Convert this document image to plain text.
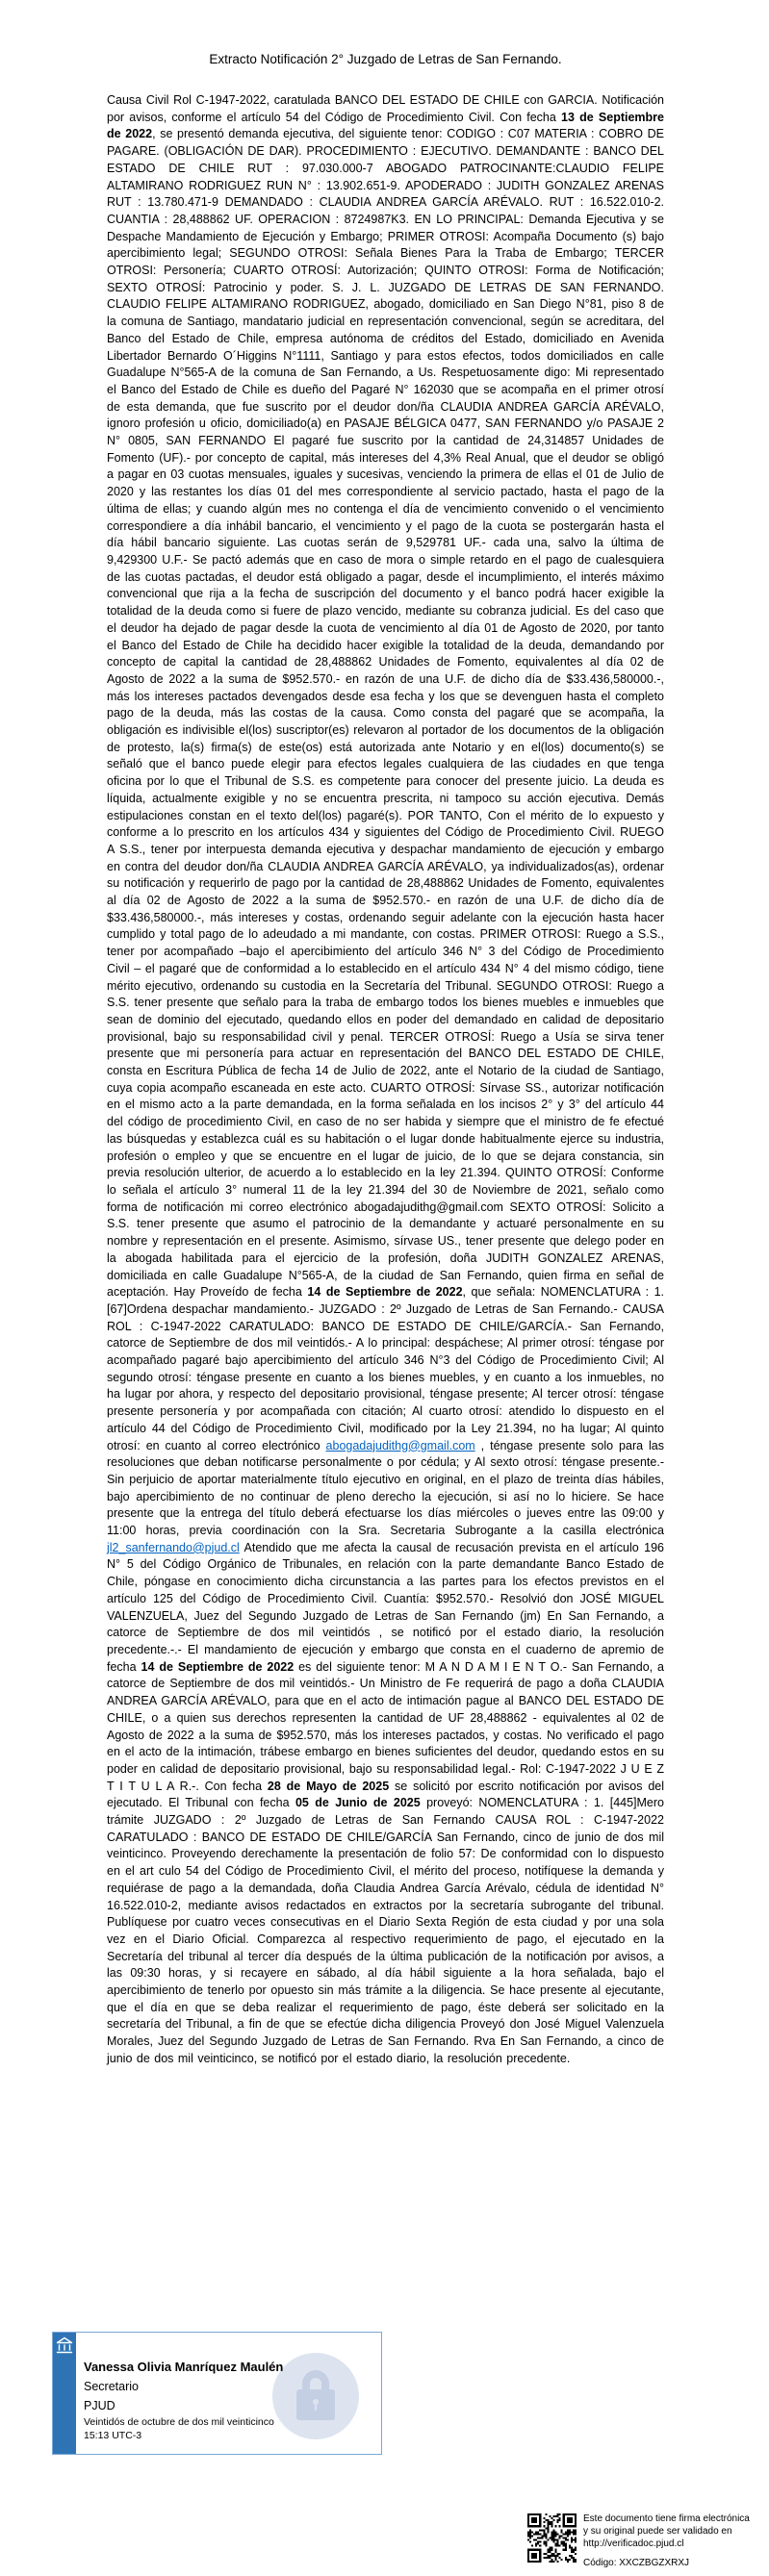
Extracto Notificación 2° Juzgado de Letras de San Fernando.

Causa Civil Rol C-1947-2022, caratulada BANCO DEL ESTADO DE CHILE con GARCIA. Notificación por avisos, conforme el artículo 54 del Código de Procedimiento Civil. Con fecha 13 de Septiembre de 2022, se presentó demanda ejecutiva, del siguiente tenor: CODIGO : C07 MATERIA : COBRO DE PAGARE. (OBLIGACIÓN DE DAR). PROCEDIMIENTO : EJECUTIVO. DEMANDANTE : BANCO DEL ESTADO DE CHILE RUT : 97.030.000-7 ABOGADO PATROCINANTE:CLAUDIO FELIPE ALTAMIRANO RODRIGUEZ RUN N° : 13.902.651-9. APODERADO : JUDITH GONZALEZ ARENAS RUT : 13.780.471-9 DEMANDADO : CLAUDIA ANDREA GARCÍA ARÉVALO. RUT : 16.522.010-2. CUANTIA : 28,488862 UF. OPERACION : 8724987K3. EN LO PRINCIPAL: Demanda Ejecutiva y se Despache Mandamiento de Ejecución y Embargo; PRIMER OTROSI: Acompaña Documento (s) bajo apercibimiento legal; SEGUNDO OTROSI: Señala Bienes Para la Traba de Embargo; TERCER OTROSI: Personería; CUARTO OTROSÍ: Autorización; QUINTO OTROSI: Forma de Notificación; SEXTO OTROSÍ: Patrocinio y poder. S. J. L. JUZGADO DE LETRAS DE SAN FERNANDO. CLAUDIO FELIPE ALTAMIRANO RODRIGUEZ, abogado, domiciliado en San Diego N°81, piso 8 de la comuna de Santiago, mandatario judicial en representación convencional, según se acreditara, del Banco del Estado de Chile, empresa autónoma de créditos del Estado, domiciliado en Avenida Libertador Bernardo O´Higgins N°1111, Santiago y para estos efectos, todos domiciliados en calle Guadalupe N°565-A de la comuna de San Fernando, a Us. Respetuosamente digo: Mi representado el Banco del Estado de Chile es dueño del Pagaré N° 162030 que se acompaña en el primer otrosí de esta demanda, que fue suscrito por el deudor don/ña CLAUDIA ANDREA GARCÍA ARÉVALO, ignoro profesión u oficio, domiciliado(a) en PASAJE BÉLGICA 0477, SAN FERNANDO y/o PASAJE 2 N° 0805, SAN FERNANDO El pagaré fue suscrito por la cantidad de 24,314857 Unidades de Fomento (UF).- por concepto de capital, más intereses del 4,3% Real Anual, que el deudor se obligó a pagar en 03 cuotas mensuales, iguales y sucesivas, venciendo la primera de ellas el 01 de Julio de 2020 y las restantes los días 01 del mes correspondiente al servicio pactado, hasta el pago de la última de ellas; y cuando algún mes no contenga el día de vencimiento convenido o el vencimiento correspondiere a día inhábil bancario, el vencimiento y el pago de la cuota se postergarán hasta el día hábil bancario siguiente. Las cuotas serán de 9,529781 UF.- cada una, salvo la última de 9,429300 U.F.- Se pactó además que en caso de mora o simple retardo en el pago de cualesquiera de las cuotas pactadas, el deudor está obligado a pagar, desde el incumplimiento, el interés máximo convencional que rija a la fecha de suscripción del documento y el banco podrá hacer exigible la totalidad de la deuda como si fuere de plazo vencido, mediante su cobranza judicial. Es del caso que el deudor ha dejado de pagar desde la cuota de vencimiento al día 01 de Agosto de 2020, por tanto el Banco del Estado de Chile ha decidido hacer exigible la totalidad de la deuda, demandando por concepto de capital la cantidad de 28,488862 Unidades de Fomento, equivalentes al día 02 de Agosto de 2022 a la suma de $952.570.- en razón de una U.F. de dicho día de $33.436,580000.-, más los intereses pactados devengados desde esa fecha y los que se devenguen hasta el completo pago de la deuda, más las costas de la causa. Como consta del pagaré que se acompaña, la obligación es indivisible el(los) suscriptor(es) relevaron al portador de los documentos de la obligación de protesto, la(s) firma(s) de este(os) está autorizada ante Notario y en el(los) documento(s) se señaló que el banco puede elegir para efectos legales cualquiera de las ciudades en que tenga oficina por lo que el Tribunal de S.S. es competente para conocer del presente juicio. La deuda es líquida, actualmente exigible y no se encuentra prescrita, ni tampoco su acción ejecutiva. Demás estipulaciones constan en el texto del(los) pagaré(s). POR TANTO, Con el mérito de lo expuesto y conforme a lo prescrito en los artículos 434 y siguientes del Código de Procedimiento Civil. RUEGO A S.S., tener por interpuesta demanda ejecutiva y despachar mandamiento de ejecución y embargo en contra del deudor don/ña CLAUDIA ANDREA GARCÍA ARÉVALO, ya individualizados(as), ordenar su notificación y requerirlo de pago por la cantidad de 28,488862 Unidades de Fomento, equivalentes al día 02 de Agosto de 2022 a la suma de $952.570.- en razón de una U.F. de dicho día de $33.436,580000.-, más intereses y costas, ordenando seguir adelante con la ejecución hasta hacer cumplido y total pago de lo adeudado a mi mandante, con costas. PRIMER OTROSI: Ruego a S.S., tener por acompañado –bajo el apercibimiento del artículo 346 N° 3 del Código de Procedimiento Civil – el pagaré que de conformidad a lo establecido en el artículo 434 N° 4 del mismo código, tiene mérito ejecutivo, ordenando su custodia en la Secretaría del Tribunal. SEGUNDO OTROSI: Ruego a S.S. tener presente que señalo para la traba de embargo todos los bienes muebles e inmuebles que sean de dominio del ejecutado, quedando ellos en poder del demandado en calidad de depositario provisional, bajo su responsabilidad civil y penal. TERCER OTROSÍ: Ruego a Usía se sirva tener presente que mi personería para actuar en representación del BANCO DEL ESTADO DE CHILE, consta en Escritura Pública de fecha 14 de Julio de 2022, ante el Notario de la ciudad de Santiago, cuya copia acompaño escaneada en este acto. CUARTO OTROSÍ: Sírvase SS., autorizar notificación en el mismo acto a la parte demandada, en la forma señalada en los incisos 2° y 3° del artículo 44 del código de procedimiento Civil, en caso de no ser habida y siempre que el ministro de fe efectué las búsquedas y establezca cuál es su habitación o el lugar donde habitualmente ejerce su industria, profesión o empleo y que se encuentre en el lugar de juicio, de lo que se dejara constancia, sin previa resolución ulterior, de acuerdo a lo establecido en la ley 21.394. QUINTO OTROSÍ: Conforme lo señala el artículo 3° numeral 11 de la ley 21.394 del 30 de Noviembre de 2021, señalo como forma de notificación mi correo electrónico abogadajudithg@gmail.com SEXTO OTROSÍ: Solicito a S.S. tener presente que asumo el patrocinio de la demandante y actuaré personalmente en su nombre y representación en el presente. Asimismo, sírvase US., tener presente que delego poder en la abogada habilitada para el ejercicio de la profesión, doña JUDITH GONZALEZ ARENAS, domiciliada en calle Guadalupe N°565-A, de la ciudad de San Fernando, quien firma en señal de aceptación. Hay Proveído de fecha 14 de Septiembre de 2022, que señala: NOMENCLATURA : 1. [67]Ordena despachar mandamiento.- JUZGADO : 2º Juzgado de Letras de San Fernando.- CAUSA ROL : C-1947-2022 CARATULADO: BANCO DE ESTADO DE CHILE/GARCÍA.- San Fernando, catorce de Septiembre de dos mil veintidós.- A lo principal: despáchese; Al primer otrosí: téngase por acompañado pagaré bajo apercibimiento del artículo 346 N°3 del Código de Procedimiento Civil; Al segundo otrosí: téngase presente en cuanto a los bienes muebles, y en cuanto a los inmuebles, no ha lugar por ahora, y respecto del depositario provisional, téngase presente; Al tercer otrosí: téngase presente personería y por acompañada con citación; Al cuarto otrosí: atendido lo dispuesto en el artículo 44 del Código de Procedimiento Civil, modificado por la Ley 21.394, no ha lugar; Al quinto otrosí: en cuanto al correo electrónico abogadajudithg@gmail.com , téngase presente solo para las resoluciones que deban notificarse personalmente o por cédula; y Al sexto otrosí: téngase presente.- Sin perjuicio de aportar materialmente título ejecutivo en original, en el plazo de treinta días hábiles, bajo apercibimiento de no continuar de pleno derecho la ejecución, si así no lo hiciere. Se hace presente que la entrega del título deberá efectuarse los días miércoles o jueves entre las 09:00 y 11:00 horas, previa coordinación con la Sra. Secretaria Subrogante a la casilla electrónica jl2_sanfernando@pjud.cl Atendido que me afecta la causal de recusación prevista en el artículo 196 N° 5 del Código Orgánico de Tribunales, en relación con la parte demandante Banco Estado de Chile, póngase en conocimiento dicha circunstancia a las partes para los efectos previstos en el artículo 125 del Código de Procedimiento Civil. Cuantía: $952.570.- Resolvió don JOSÉ MIGUEL VALENZUELA, Juez del Segundo Juzgado de Letras de San Fernando (jm) En San Fernando, a catorce de Septiembre de dos mil veintidós , se notificó por el estado diario, la resolución precedente.-.- El mandamiento de ejecución y embargo que consta en el cuaderno de apremio de fecha 14 de Septiembre de 2022 es del siguiente tenor: M A N D A M I E N T O.- San Fernando, a catorce de Septiembre de dos mil veintidós.- Un Ministro de Fe requerirá de pago a doña CLAUDIA ANDREA GARCÍA ARÉVALO, para que en el acto de intimación pague al BANCO DEL ESTADO DE CHILE, o a quien sus derechos representen la cantidad de UF 28,488862 - equivalentes al 02 de Agosto de 2022 a la suma de $952.570, más los intereses pactados, y costas. No verificado el pago en el acto de la intimación, trábese embargo en bienes suficientes del deudor, quedando estos en su poder en calidad de depositario provisional, bajo su responsabilidad legal.- Rol: C-1947-2022 J U E Z T I T U L A R.-. Con fecha 28 de Mayo de 2025 se solicitó por escrito notificación por avisos del ejecutado. El Tribunal con fecha 05 de Junio de 2025 proveyó: NOMENCLATURA : 1. [445]Mero trámite JUZGADO : 2º Juzgado de Letras de San Fernando CAUSA ROL : C-1947-2022 CARATULADO : BANCO DE ESTADO DE CHILE/GARCÍA San Fernando, cinco de junio de dos mil veinticinco. Proveyendo derechamente la presentación de folio 57: De conformidad con lo dispuesto en el art culo 54 del Código de Procedimiento Civil, el mérito del proceso, notifíquese la demanda y requiérase de pago a la demandada, doña Claudia Andrea García Arévalo, cédula de identidad N° 16.522.010-2, mediante avisos redactados en extractos por la secretaría subrogante del tribunal. Publíquese por cuatro veces consecutivas en el Diario Sexta Región de esta ciudad y por una sola vez en el Diario Oficial. Comparezca al respectivo requerimiento de pago, el ejecutado en la Secretaría del tribunal al tercer día después de la última publicación de la notificación por avisos, a las 09:30 horas, y si recayere en sábado, al día hábil siguiente a la hora señalada, bajo el apercibimiento de tenerlo por opuesto sin más trámite a la diligencia. Se hace presente al ejecutante, que el día en que se deba realizar el requerimiento de pago, éste deberá ser solicitado en la secretaría del Tribunal, a fin de que se efectúe dicha diligencia Proveyó don José Miguel Valenzuela Morales, Juez del Segundo Juzgado de Letras de San Fernando. Rva En San Fernando, a cinco de junio de dos mil veinticinco, se notificó por el estado diario, la resolución precedente.

Vanessa Olivia Manríquez Maulén
Secretario
PJUD
Veintidós de octubre de dos mil veinticinco
15:13 UTC-3
Este documento tiene firma electrónica
y su original puede ser validado en
http://verificadoc.pjud.cl
Código: XXCZBGZXRXJ
